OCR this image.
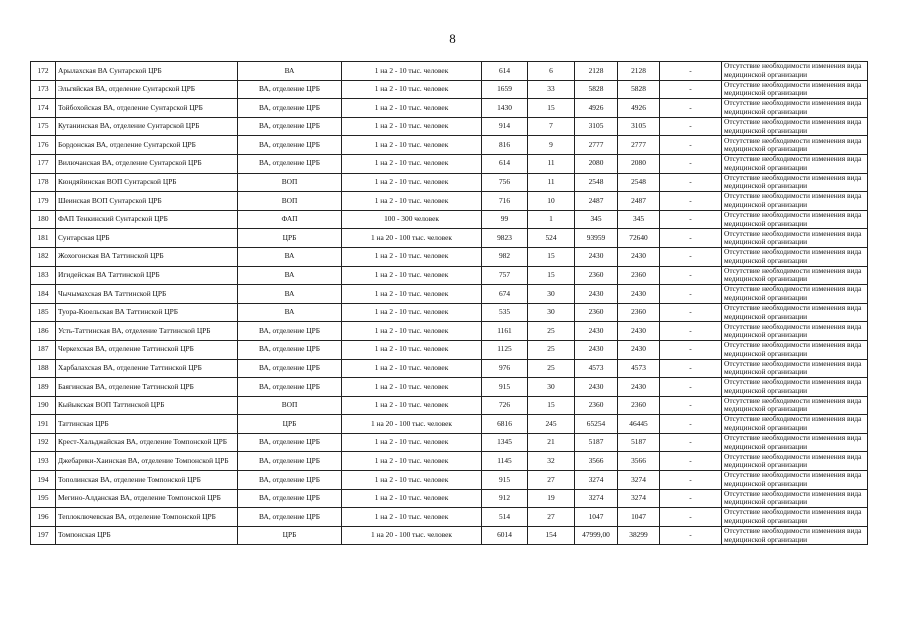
8
172	Арылахская ВА Сунтарской ЦРБ	ВА	1 на 2 - 10 тыс. человек	614	6	2128	2128	-	Отсутствие необходимости изменения вида медицинской организации
173	Эльгяйская ВА, отделение Сунтарской ЦРБ	ВА, отделение ЦРБ	1 на 2 - 10 тыс. человек	1659	33	5828	5828	-	Отсутствие необходимости изменения вида медицинской организации
174	Тойбохойская ВА, отделение Сунтарской ЦРБ	ВА, отделение ЦРБ	1 на 2 - 10 тыс. человек	1430	15	4926	4926	-	Отсутствие необходимости изменения вида медицинской организации
175	Кутанинская ВА, отделение Сунтарской ЦРБ	ВА, отделение ЦРБ	1 на 2 - 10 тыс. человек	914	7	3105	3105	-	Отсутствие необходимости изменения вида медицинской организации
176	Бордонская ВА, отделение Сунтарской ЦРБ	ВА, отделение ЦРБ	1 на 2 - 10 тыс. человек	816	9	2777	2777	-	Отсутствие необходимости изменения вида медицинской организации
177	Вилючанская ВА, отделение Сунтарской ЦРБ	ВА, отделение ЦРБ	1 на 2 - 10 тыс. человек	614	11	2080	2080	-	Отсутствие необходимости изменения вида медицинской организации
178	Кюндяйинская ВОП Сунтарской ЦРБ	ВОП	1 на 2 - 10 тыс. человек	756	11	2548	2548	-	Отсутствие необходимости изменения вида медицинской организации
179	Шеинская ВОП Сунтарской ЦРБ	ВОП	1 на 2 - 10 тыс. человек	716	10	2487	2487	-	Отсутствие необходимости изменения вида медицинской организации
180	ФАП Тенкинский Сунтарской ЦРБ	ФАП	100 - 300 человек	99	1	345	345	-	Отсутствие необходимости изменения вида медицинской организации
181	Сунтарская ЦРБ	ЦРБ	1 на 20 - 100 тыс. человек	9823	524	93959	72640	-	Отсутствие необходимости изменения вида медицинской организации
182	Жохогонская ВА Таттинской ЦРБ	ВА	1 на 2 - 10 тыс. человек	982	15	2430	2430	-	Отсутствие необходимости изменения вида медицинской организации
183	Игидейская ВА Таттинской ЦРБ	ВА	1 на 2 - 10 тыс. человек	757	15	2360	2360	-	Отсутствие необходимости изменения вида медицинской организации
184	Чычымахская ВА Таттинской ЦРБ	ВА	1 на 2 - 10 тыс. человек	674	30	2430	2430	-	Отсутствие необходимости изменения вида медицинской организации
185	Туора-Кюельская ВА Таттинской ЦРБ	ВА	1 на 2 - 10 тыс. человек	535	30	2360	2360	-	Отсутствие необходимости изменения вида медицинской организации
186	Усть-Таттинская ВА, отделение Таттинской ЦРБ	ВА, отделение ЦРБ	1 на 2 - 10 тыс. человек	1161	25	2430	2430	-	Отсутствие необходимости изменения вида медицинской организации
187	Черкехская ВА, отделение Таттинской ЦРБ	ВА, отделение ЦРБ	1 на 2 - 10 тыс. человек	1125	25	2430	2430	-	Отсутствие необходимости изменения вида медицинской организации
188	Харбалахская ВА, отделение Таттинской ЦРБ	ВА, отделение ЦРБ	1 на 2 - 10 тыс. человек	976	25	4573	4573	-	Отсутствие необходимости изменения вида медицинской организации
189	Баягинская ВА, отделение Таттинской ЦРБ	ВА, отделение ЦРБ	1 на 2 - 10 тыс. человек	915	30	2430	2430	-	Отсутствие необходимости изменения вида медицинской организации
190	Кыйыкская ВОП Таттинской ЦРБ	ВОП	1 на 2 - 10 тыс. человек	726	15	2360	2360	-	Отсутствие необходимости изменения вида медицинской организации
191	Таттинская ЦРБ	ЦРБ	1 на 20 - 100 тыс. человек	6816	245	65254	46445	-	Отсутствие необходимости изменения вида медицинской организации
192	Крест-Хальджайская ВА, отделение Томпонской ЦРБ	ВА, отделение ЦРБ	1 на 2 - 10 тыс. человек	1345	21	5187	5187	-	Отсутствие необходимости изменения вида медицинской организации
193	Джебарики-Хаинская ВА, отделение Томпонской ЦРБ	ВА, отделение ЦРБ	1 на 2 - 10 тыс. человек	1145	32	3566	3566	-	Отсутствие необходимости изменения вида медицинской организации
194	Тополинская ВА, отделение Томпонской ЦРБ	ВА, отделение ЦРБ	1 на 2 - 10 тыс. человек	915	27	3274	3274	-	Отсутствие необходимости изменения вида медицинской организации
195	Мегино-Алданская ВА, отделение Томпонской ЦРБ	ВА, отделение ЦРБ	1 на 2 - 10 тыс. человек	912	19	3274	3274	-	Отсутствие необходимости изменения вида медицинской организации
196	Теплоключевская ВА, отделение Томпонской ЦРБ	ВА, отделение ЦРБ	1 на 2 - 10 тыс. человек	514	27	1047	1047	-	Отсутствие необходимости изменения вида медицинской организации
197	Томпонская ЦРБ	ЦРБ	1 на 20 - 100 тыс. человек	6014	154	47999,00	38299	-	Отсутствие необходимости изменения вида медицинской организации
